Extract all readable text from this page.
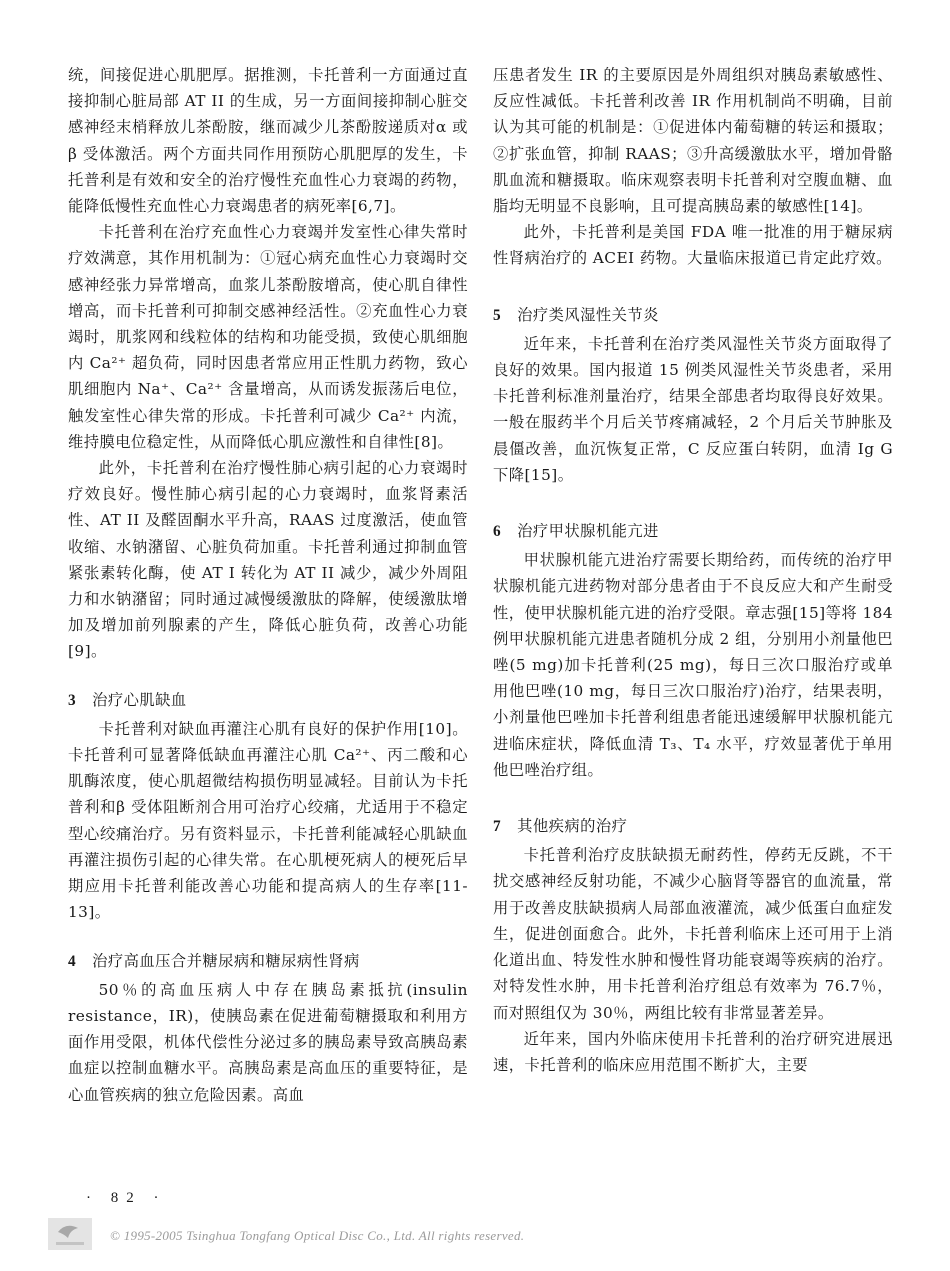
统，间接促进心肌肥厚。据推测，卡托普利一方面通过直接抑制心脏局部 AT II 的生成，另一方面间接抑制心脏交感神经末梢释放儿茶酚胺，继而减少儿茶酚胺递质对α 或β 受体激活。两个方面共同作用预防心肌肥厚的发生，卡托普利是有效和安全的治疗慢性充血性心力衰竭的药物，能降低慢性充血性心力衰竭患者的病死率[6,7]。

卡托普利在治疗充血性心力衰竭并发室性心律失常时疗效满意，其作用机制为：①冠心病充血性心力衰竭时交感神经张力异常增高，血浆儿茶酚胺增高，使心肌自律性增高，而卡托普利可抑制交感神经活性。②充血性心力衰竭时，肌浆网和线粒体的结构和功能受损，致使心肌细胞内 Ca²⁺ 超负荷，同时因患者常应用正性肌力药物，致心肌细胞内 Na⁺、Ca²⁺ 含量增高，从而诱发振荡后电位，触发室性心律失常的形成。卡托普利可减少 Ca²⁺ 内流，维持膜电位稳定性，从而降低心肌应激性和自律性[8]。

此外，卡托普利在治疗慢性肺心病引起的心力衰竭时疗效良好。慢性肺心病引起的心力衰竭时，血浆肾素活性、AT II 及醛固酮水平升高，RAAS 过度激活，使血管收缩、水钠潴留、心脏负荷加重。卡托普利通过抑制血管紧张素转化酶，使 AT I 转化为 AT II 减少，减少外周阻力和水钠潴留；同时通过减慢缓激肽的降解，使缓激肽增加及增加前列腺素的产生，降低心脏负荷，改善心功能[9]。

3 治疗心肌缺血

卡托普利对缺血再灌注心肌有良好的保护作用[10]。卡托普利可显著降低缺血再灌注心肌 Ca²⁺、丙二酸和心肌酶浓度，使心肌超微结构损伤明显减轻。目前认为卡托普利和β 受体阻断剂合用可治疗心绞痛，尤适用于不稳定型心绞痛治疗。另有资料显示，卡托普利能减轻心肌缺血再灌注损伤引起的心律失常。在心肌梗死病人的梗死后早期应用卡托普利能改善心功能和提高病人的生存率[11-13]。

4 治疗高血压合并糖尿病和糖尿病性肾病

50％的高血压病人中存在胰岛素抵抗(insulin resistance，IR)，使胰岛素在促进葡萄糖摄取和利用方面作用受限，机体代偿性分泌过多的胰岛素导致高胰岛素血症以控制血糖水平。高胰岛素是高血压的重要特征，是心血管疾病的独立危险因素。高血

压患者发生 IR 的主要原因是外周组织对胰岛素敏感性、反应性减低。卡托普利改善 IR 作用机制尚不明确，目前认为其可能的机制是：①促进体内葡萄糖的转运和摄取；②扩张血管，抑制 RAAS；③升高缓激肽水平，增加骨骼肌血流和糖摄取。临床观察表明卡托普利对空腹血糖、血脂均无明显不良影响，且可提高胰岛素的敏感性[14]。

此外，卡托普利是美国 FDA 唯一批准的用于糖尿病性肾病治疗的 ACEI 药物。大量临床报道已肯定此疗效。

5 治疗类风湿性关节炎

近年来，卡托普利在治疗类风湿性关节炎方面取得了良好的效果。国内报道 15 例类风湿性关节炎患者，采用卡托普利标准剂量治疗，结果全部患者均取得良好效果。一般在服药半个月后关节疼痛减轻，2 个月后关节肿胀及晨僵改善，血沉恢复正常，C 反应蛋白转阴，血清 Ig G 下降[15]。

6 治疗甲状腺机能亢进

甲状腺机能亢进治疗需要长期给药，而传统的治疗甲状腺机能亢进药物对部分患者由于不良反应大和产生耐受性，使甲状腺机能亢进的治疗受限。章志强[15]等将 184 例甲状腺机能亢进患者随机分成 2 组，分别用小剂量他巴唑(5 mg)加卡托普利(25 mg)，每日三次口服治疗或单用他巴唑(10 mg，每日三次口服治疗)治疗，结果表明，小剂量他巴唑加卡托普利组患者能迅速缓解甲状腺机能亢进临床症状，降低血清 T₃、T₄ 水平，疗效显著优于单用他巴唑治疗组。

7 其他疾病的治疗

卡托普利治疗皮肤缺损无耐药性，停药无反跳，不干扰交感神经反射功能，不减少心脑肾等器官的血流量，常用于改善皮肤缺损病人局部血液灌流，减少低蛋白血症发生，促进创面愈合。此外，卡托普利临床上还可用于上消化道出血、特发性水肿和慢性肾功能衰竭等疾病的治疗。对特发性水肿，用卡托普利治疗组总有效率为 76.7％，而对照组仅为 30％，两组比较有非常显著差异。

近年来，国内外临床使用卡托普利的治疗研究进展迅速，卡托普利的临床应用范围不断扩大，主要

· 82 ·
© 1995-2005 Tsinghua Tongfang Optical Disc Co., Ltd. All rights reserved.
